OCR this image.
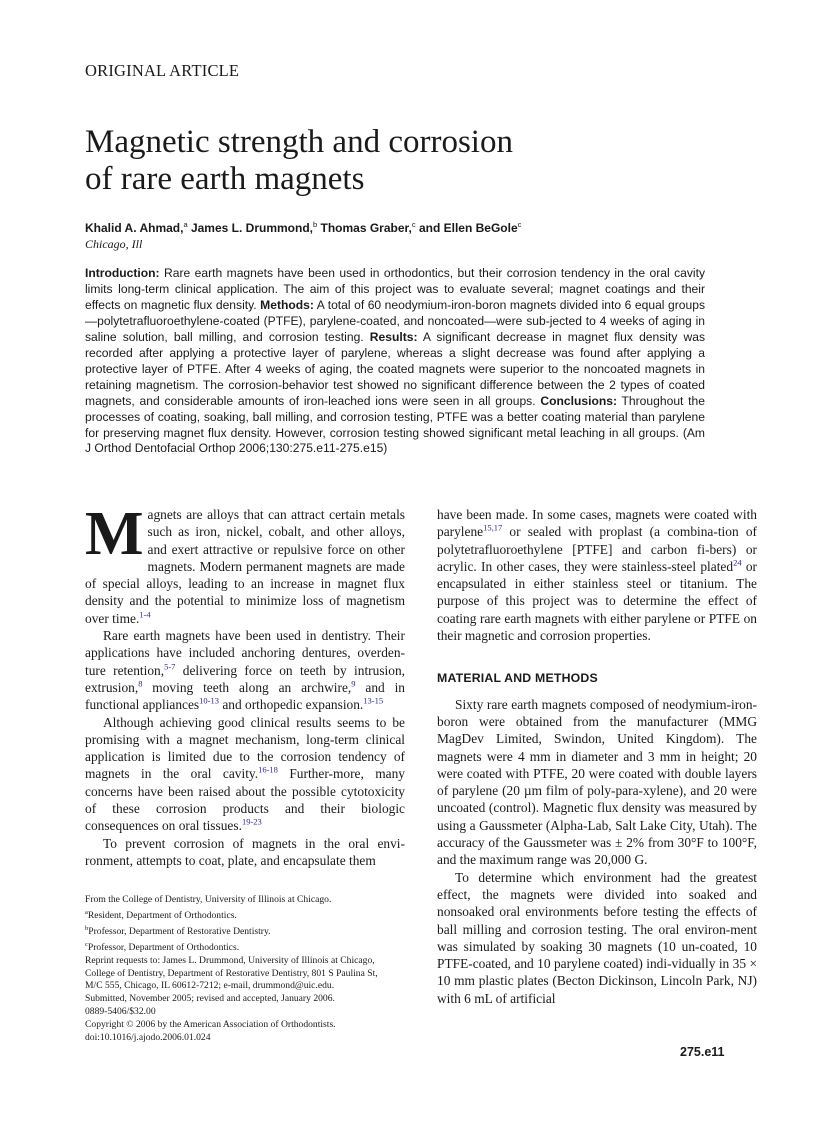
ORIGINAL ARTICLE
Magnetic strength and corrosion
of rare earth magnets
Khalid A. Ahmad,$^a$ James L. Drummond,$^b$ Thomas Graber,$^c$ and Ellen BeGole$^c$
Chicago, Ill
Introduction: Rare earth magnets have been used in orthodontics, but their corrosion tendency in the oral cavity limits long-term clinical application. The aim of this project was to evaluate several; magnet coatings and their effects on magnetic flux density. Methods: A total of 60 neodymium-iron-boron magnets divided into 6 equal groups—polytetrafluoroethylene-coated (PTFE), parylene-coated, and noncoated—were sub-jected to 4 weeks of aging in saline solution, ball milling, and corrosion testing. Results: A significant decrease in magnet flux density was recorded after applying a protective layer of parylene, whereas a slight decrease was found after applying a protective layer of PTFE. After 4 weeks of aging, the coated magnets were superior to the noncoated magnets in retaining magnetism. The corrosion-behavior test showed no significant difference between the 2 types of coated magnets, and considerable amounts of iron-leached ions were seen in all groups. Conclusions: Throughout the processes of coating, soaking, ball milling, and corrosion testing, PTFE was a better coating material than parylene for preserving magnet flux density. However, corrosion testing showed significant metal leaching in all groups. (Am J Orthod Dentofacial Orthop 2006;130:275.e11-275.e15)
M agnets are alloys that can attract certain metals such as iron, nickel, cobalt, and other alloys, and exert attractive or repulsive force on other magnets. Modern permanent magnets are made of special alloys, leading to an increase in magnet flux density and the potential to minimize loss of magnetism over time.$^{1-4}$

Rare earth magnets have been used in dentistry. Their applications have included anchoring dentures, overden-ture retention,$^{5-7}$ delivering force on teeth by intrusion, extrusion,$^8$ moving teeth along an archwire,$^9$ and in functional appliances$^{10-13}$ and orthopedic expansion.$^{13-15}$

Although achieving good clinical results seems to be promising with a magnet mechanism, long-term clinical application is limited due to the corrosion tendency of magnets in the oral cavity.$^{16-18}$ Further-more, many concerns have been raised about the possible cytotoxicity of these corrosion products and their biologic consequences on oral tissues.$^{19-23}$

To prevent corrosion of magnets in the oral envi-ronment, attempts to coat, plate, and encapsulate them

have been made. In some cases, magnets were coated with parylene$^{15,17}$ or sealed with proplast (a combina-tion of polytetrafluoroethylene [PTFE] and carbon fi-bers) or acrylic. In other cases, they were stainless-steel plated$^{24}$ or encapsulated in either stainless steel or titanium. The purpose of this project was to determine the effect of coating rare earth magnets with either parylene or PTFE on their magnetic and corrosion properties.

MATERIAL AND METHODS

Sixty rare earth magnets composed of neodymium-iron-boron were obtained from the manufacturer (MMG MagDev Limited, Swindon, United Kingdom). The magnets were 4 mm in diameter and 3 mm in height; 20 were coated with PTFE, 20 were coated with double layers of parylene (20 µm film of poly-para-xylene), and 20 were uncoated (control). Magnetic flux density was measured by using a Gaussmeter (Alpha-Lab, Salt Lake City, Utah). The accuracy of the Gaussmeter was ± 2% from 30°F to 100°F, and the maximum range was 20,000 G.

To determine which environment had the greatest effect, the magnets were divided into soaked and nonsoaked oral environments before testing the effects of ball milling and corrosion testing. The oral environ-ment was simulated by soaking 30 magnets (10 un-coated, 10 PTFE-coated, and 10 parylene coated) indi-vidually in 35 × 10 mm plastic plates (Becton Dickinson, Lincoln Park, NJ) with 6 mL of artificial

From the College of Dentistry, University of Illinois at Chicago.
$^a$Resident, Department of Orthodontics.
$^b$Professor, Department of Restorative Dentistry.
$^c$Professor, Department of Orthodontics.
Reprint requests to: James L. Drummond, University of Illinois at Chicago,
College of Dentistry, Department of Restorative Dentistry, 801 S Paulina St,
M/C 555, Chicago, IL 60612-7212; e-mail, drummond@uic.edu.
Submitted, November 2005; revised and accepted, January 2006.
0889-5406/$32.00
Copyright © 2006 by the American Association of Orthodontists.
doi:10.1016/j.ajodo.2006.01.024
275.e11
